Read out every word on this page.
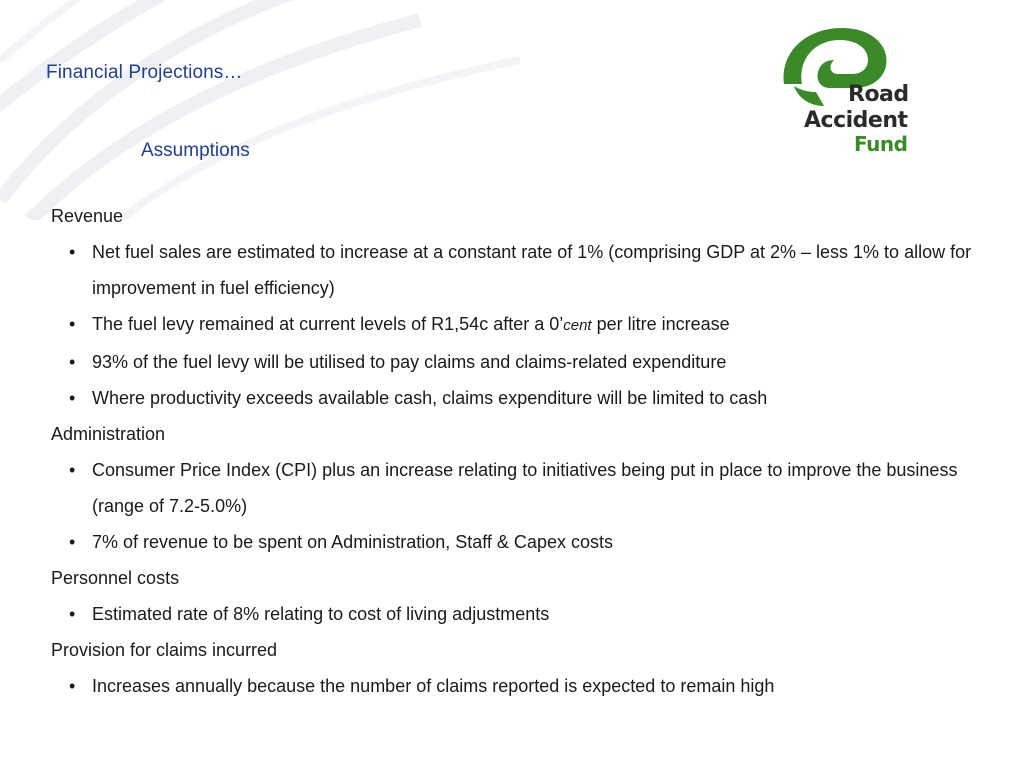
Financial Projections…
Assumptions
Road
Accident
Fund
Revenue
• Net fuel sales are estimated to increase at a constant rate of 1% (comprising GDP at 2% – less 1% to allow for improvement in fuel efficiency)
• The fuel levy remained at current levels of R1,54c after a 0’cent per litre increase
• 93% of the fuel levy will be utilised to pay claims and claims-related expenditure
• Where productivity exceeds available cash, claims expenditure will be limited to cash
Administration
• Consumer Price Index (CPI) plus an increase relating to initiatives being put in place to improve the business (range of 7.2-5.0%)
• 7% of revenue to be spent on Administration, Staff & Capex costs
Personnel costs
• Estimated rate of 8% relating to cost of living adjustments
Provision for claims incurred
• Increases annually because the number of claims reported is expected to remain high
